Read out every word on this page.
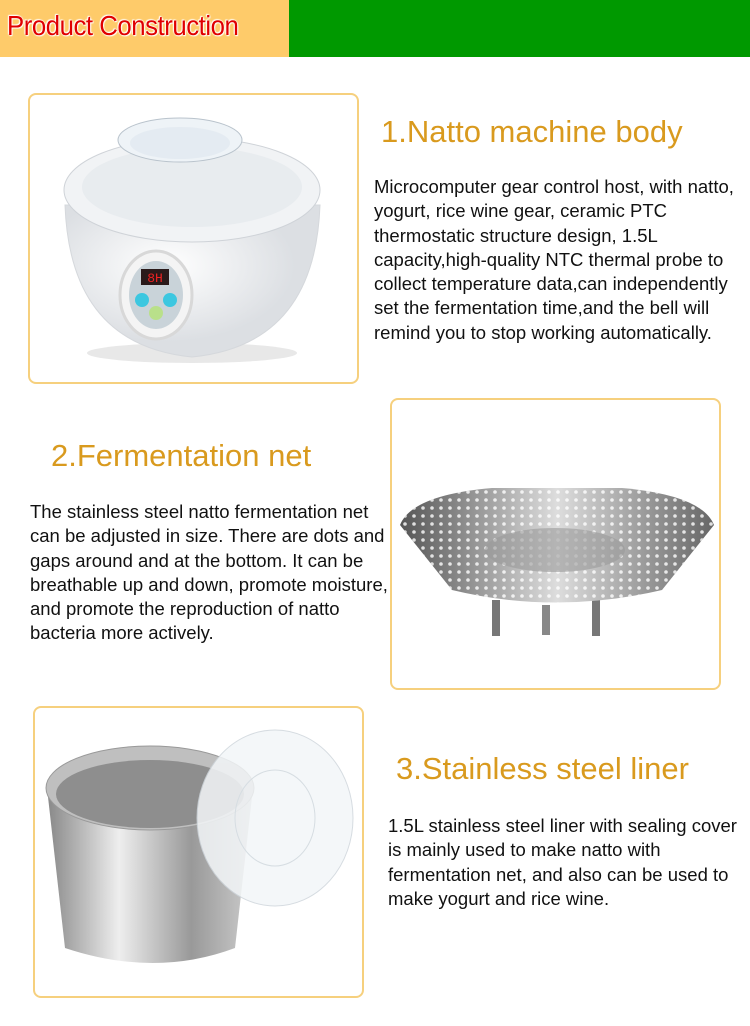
Product Construction
8H
1.Natto machine body
Microcomputer gear control host, with natto, yogurt, rice wine gear, ceramic PTC thermostatic structure design, 1.5L capacity,high-quality NTC thermal probe to collect temperature data,can independently set the fermentation time,and the bell will remind you to stop working automatically.
2.Fermentation net
The stainless steel natto fermentation net can be adjusted in size. There are dots and gaps around and at the bottom. It can be breathable up and down, promote moisture, and promote the reproduction of natto bacteria more actively.
3.Stainless steel liner
1.5L stainless steel liner with sealing cover is mainly used to make natto with fermentation net, and also can be used to make yogurt and rice wine.
